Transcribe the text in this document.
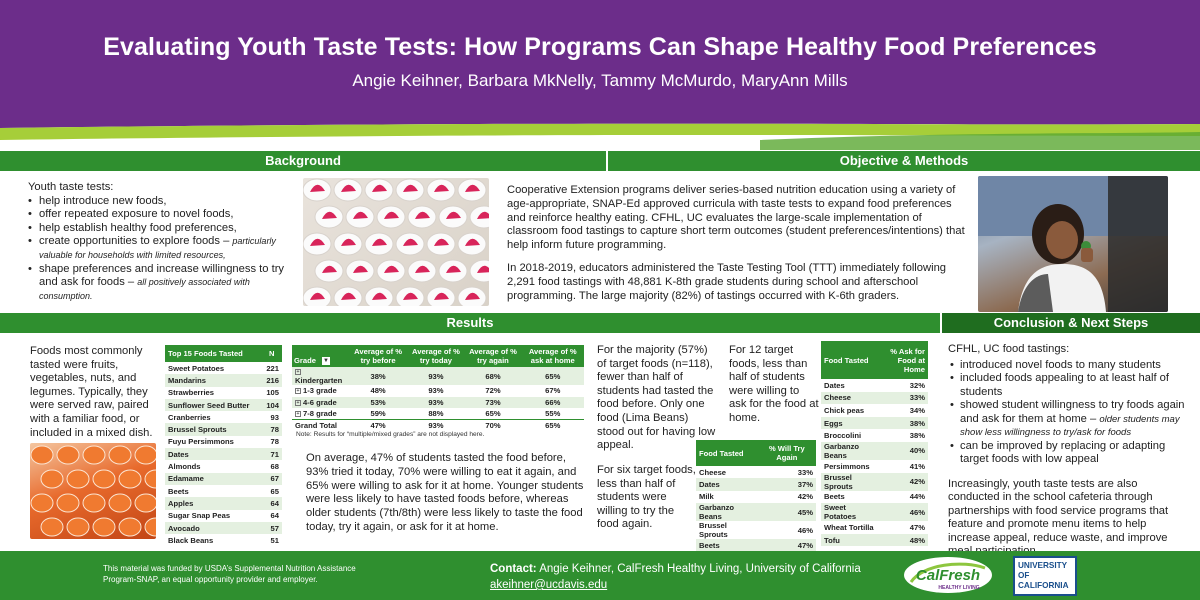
Evaluating Youth Taste Tests: How Programs Can Shape Healthy Food Preferences
Angie Keihner, Barbara MkNelly, Tammy McMurdo, MaryAnn Mills
Background	Objective & Methods
Results	Conclusion & Next Steps
Youth taste tests:
• help introduce new foods,
• offer repeated exposure to novel foods,
• help establish healthy food preferences,
• create opportunities to explore foods – particularly valuable for households with limited resources,
• shape preferences and increase willingness to try and ask for foods – all positively associated with consumption.

Cooperative Extension programs deliver series-based nutrition education using a variety of age-appropriate, SNAP-Ed approved curricula with taste tests to expand food preferences and reinforce healthy eating. CFHL, UC evaluates the large-scale implementation of classroom food tastings to capture short term outcomes (student preferences/intentions) that help inform future programming.

In 2018-2019, educators administered the Taste Testing Tool (TTT) immediately following 2,291 food tastings with 48,881 K-8th grade students during school and afterschool programming. The large majority (82%) of tastings occurred with K-6th graders.

Foods most commonly tasted were fruits, vegetables, nuts, and legumes. Typically, they were served raw, paired with a familiar food, or included in a mixed dish.
Top 15 Foods Tasted	N
Sweet Potatoes	221
Mandarins	216
Strawberries	105
Sunflower Seed Butter	104
Cranberries	93
Brussel Sprouts	78
Fuyu Persimmons	78
Dates	71
Almonds	68
Edamame	67
Beets	65
Apples	64
Sugar Snap Peas	64
Avocado	57
Black Beans	51
Grade ▼	Average of % try before	Average of % try today	Average of % try again	Average of % ask at home
+Kindergarten	38%	93%	68%	65%
+ 1-3 grade	48%	93%	72%	67%
+ 4-6 grade	53%	93%	73%	66%
+ 7-8 grade	59%	88%	65%	55%
Grand Total	47%	93%	70%	65%
Note: Results for “multiple/mixed grades” are not displayed here.
On average, 47% of students tasted the food before, 93% tried it today, 70% were willing to eat it again, and 65% were willing to ask for it at home. Younger students were less likely to have tasted foods before, whereas older students (7th/8th) were less likely to taste the food today, try it again, or ask for it at home.
For the majority (57%) of target foods (n=118), fewer than half of students had tasted the food before. Only one food (Lima Beans) stood out for having low appeal.
For six target foods, less than half of students were willing to try the food again.
For 12 target foods, less than half of students were willing to ask for the food at home.
Food Tasted	% Will Try Again
Cheese	33%
Dates	37%
Milk	42%
Garbanzo Beans	45%
Brussel Sprouts	46%
Beets	47%
Food Tasted	% Ask for Food at Home
Dates	32%
Cheese	33%
Chick peas	34%
Eggs	38%
Broccolini	38%
Garbanzo Beans	40%
Persimmons	41%
Brussel Sprouts	42%
Beets	44%
Sweet Potatoes	46%
Wheat Tortilla	47%
Tofu	48%
CFHL, UC food tastings:
• introduced novel foods to many students
• included foods appealing to at least half of students
• showed student willingness to try foods again and ask for them at home – older students may show less willingness to try/ask for foods
• can be improved by replacing or adapting target foods with low appeal

Increasingly, youth taste tests are also conducted in the school cafeteria through partnerships with food service programs that feature and promote menu items to help increase appeal, reduce waste, and improve

This material was funded by USDA’s Supplemental Nutrition Assistance Program-SNAP, an equal opportunity provider and employer.
Contact: Angie Keihner, CalFresh Healthy Living, University of California
akeihner@ucdavis.edu
CalFresh
HEALTHY LIVING
UNIVERSITY
OF
CALIFORNIA
